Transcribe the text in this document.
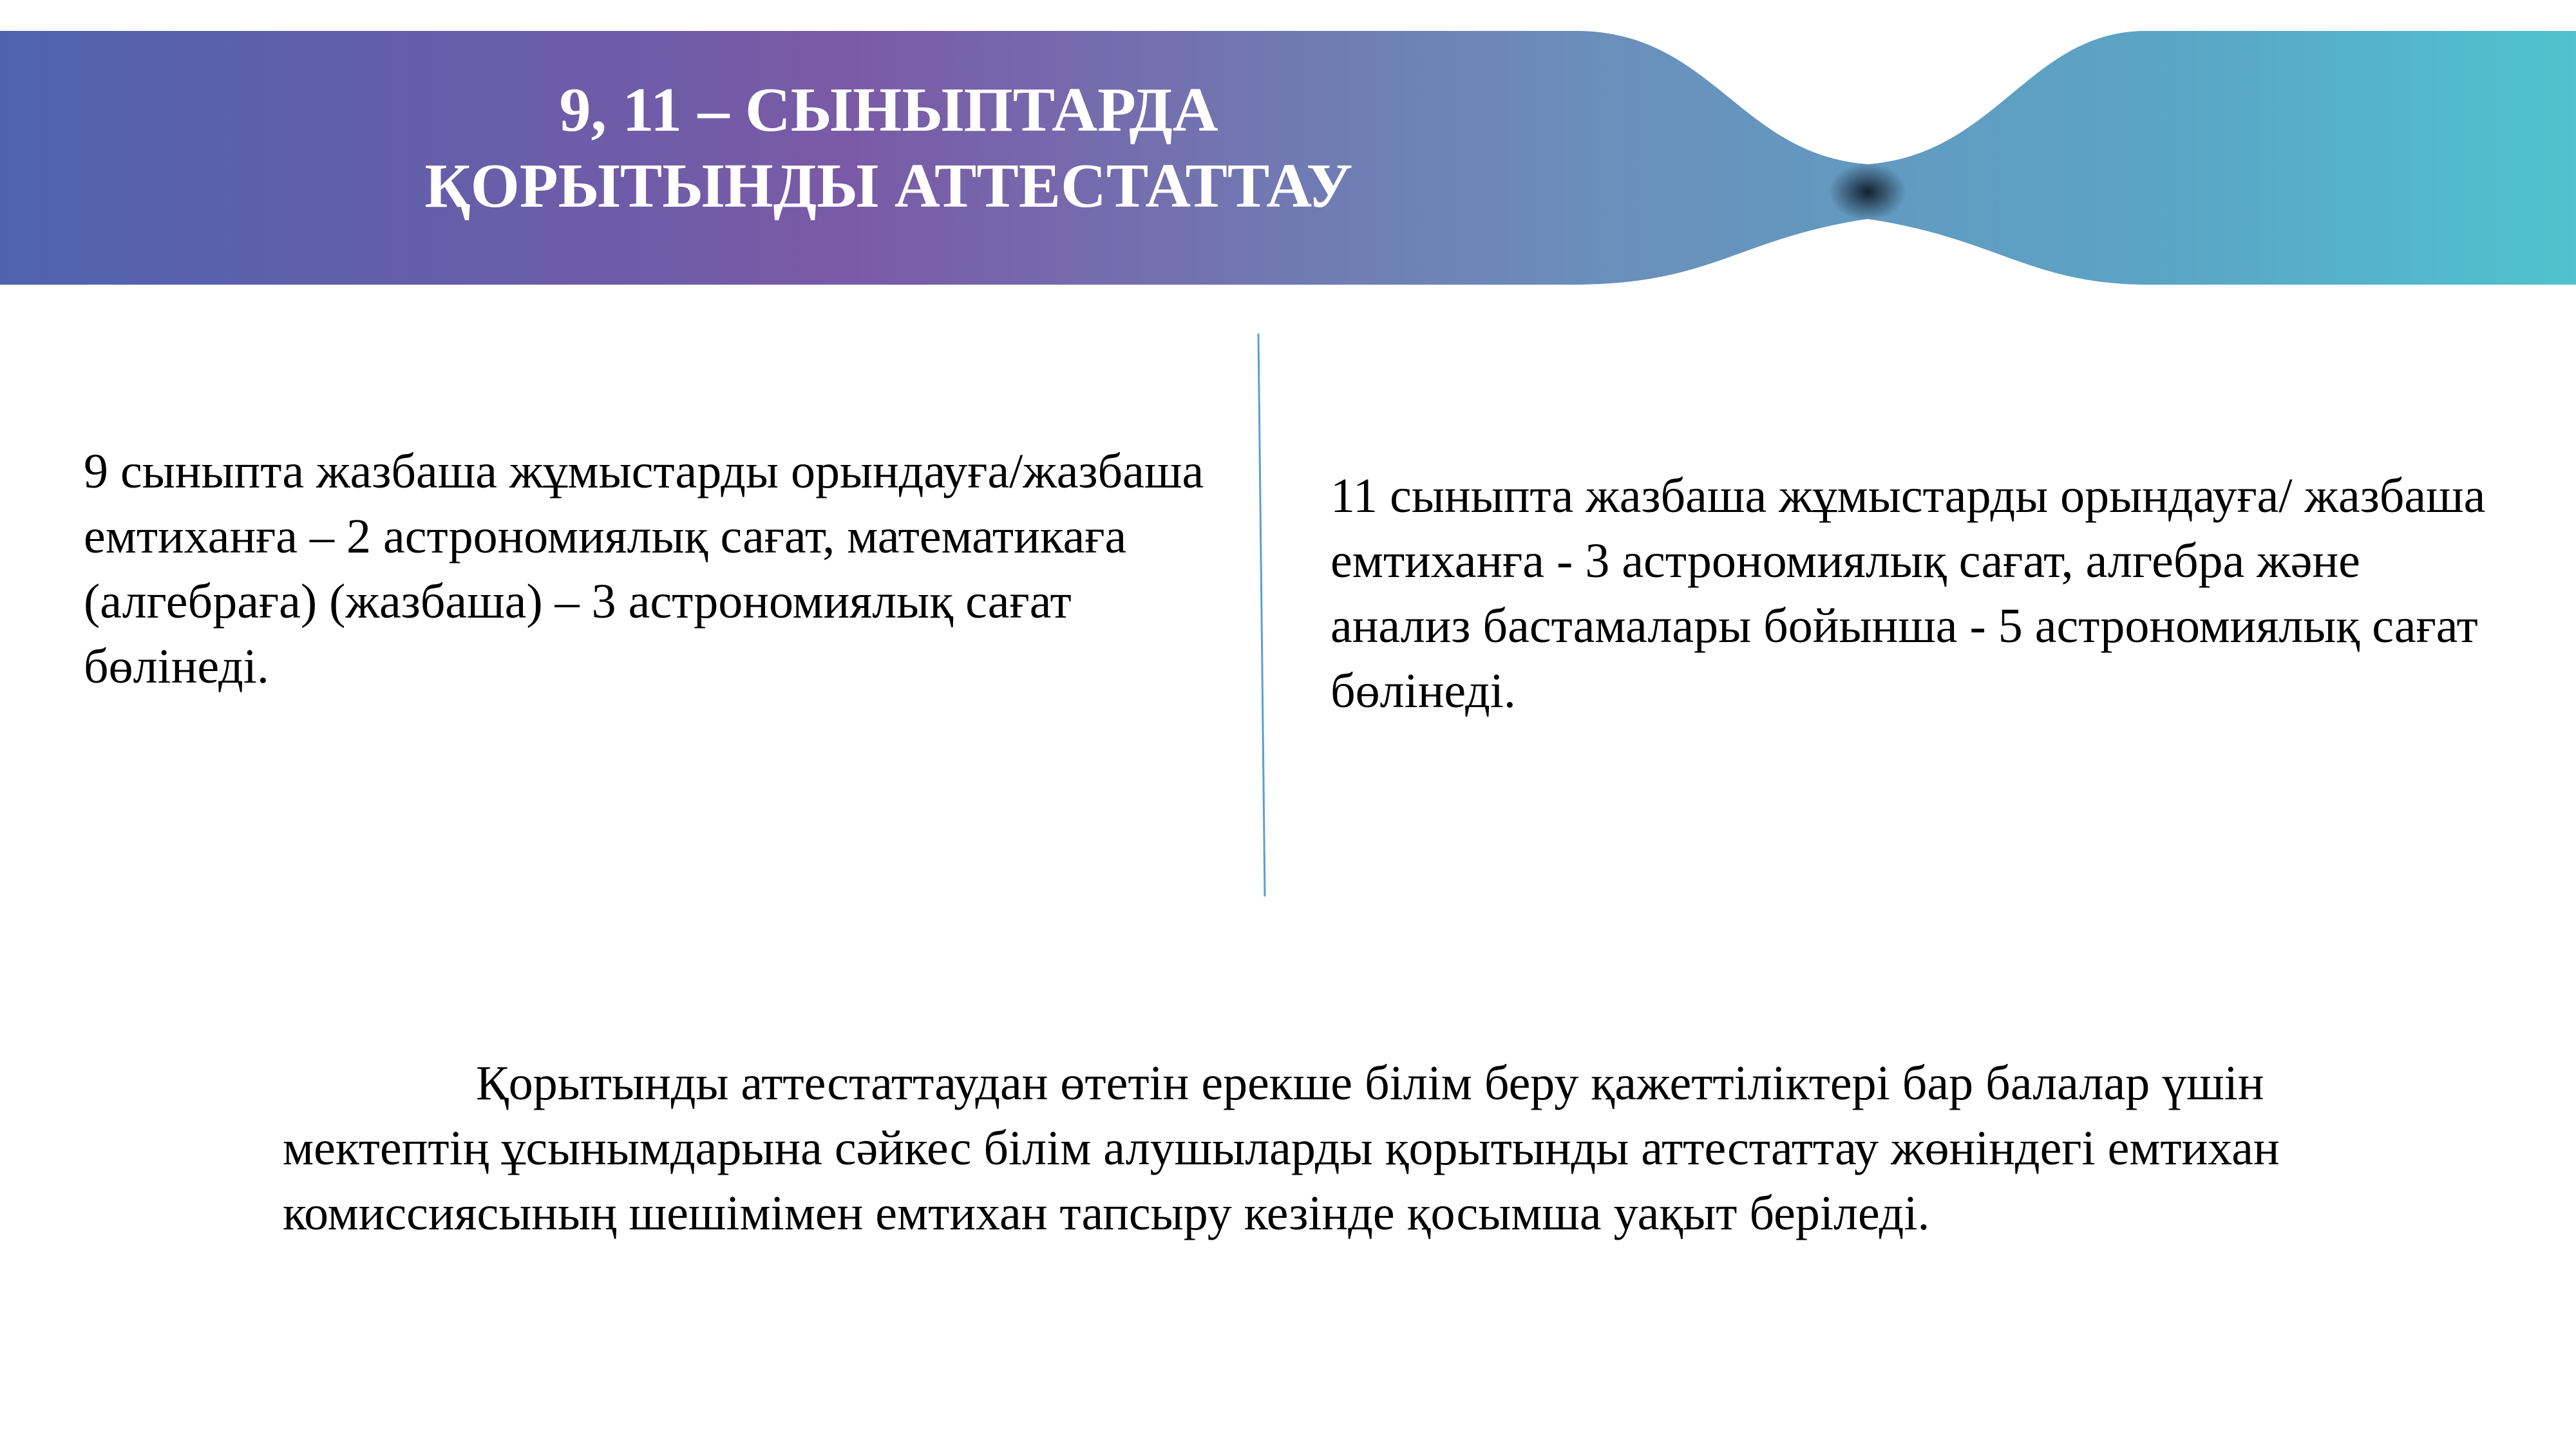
9, 11 – СЫНЫПТАРДА
ҚОРЫТЫНДЫ АТТЕСТАТТАУ
9 сыныпта жазбаша жұмыстарды орындауға/жазбаша емтиханға – 2 астрономиялық сағат, математикаға (алгебраға) (жазбаша) – 3 астрономиялық сағат бөлінеді.
11 сыныпта жазбаша жұмыстарды орындауға/ жазбаша емтиханға - 3 астрономиялық сағат, алгебра және анализ бастамалары бойынша - 5 астрономиялық сағат бөлінеді.
Қорытынды аттестаттаудан өтетін ерекше білім беру қажеттіліктері бар балалар үшін мектептің ұсынымдарына сәйкес білім алушыларды қорытынды аттестаттау жөніндегі емтихан комиссиясының шешімімен емтихан тапсыру кезінде қосымша уақыт беріледі.
